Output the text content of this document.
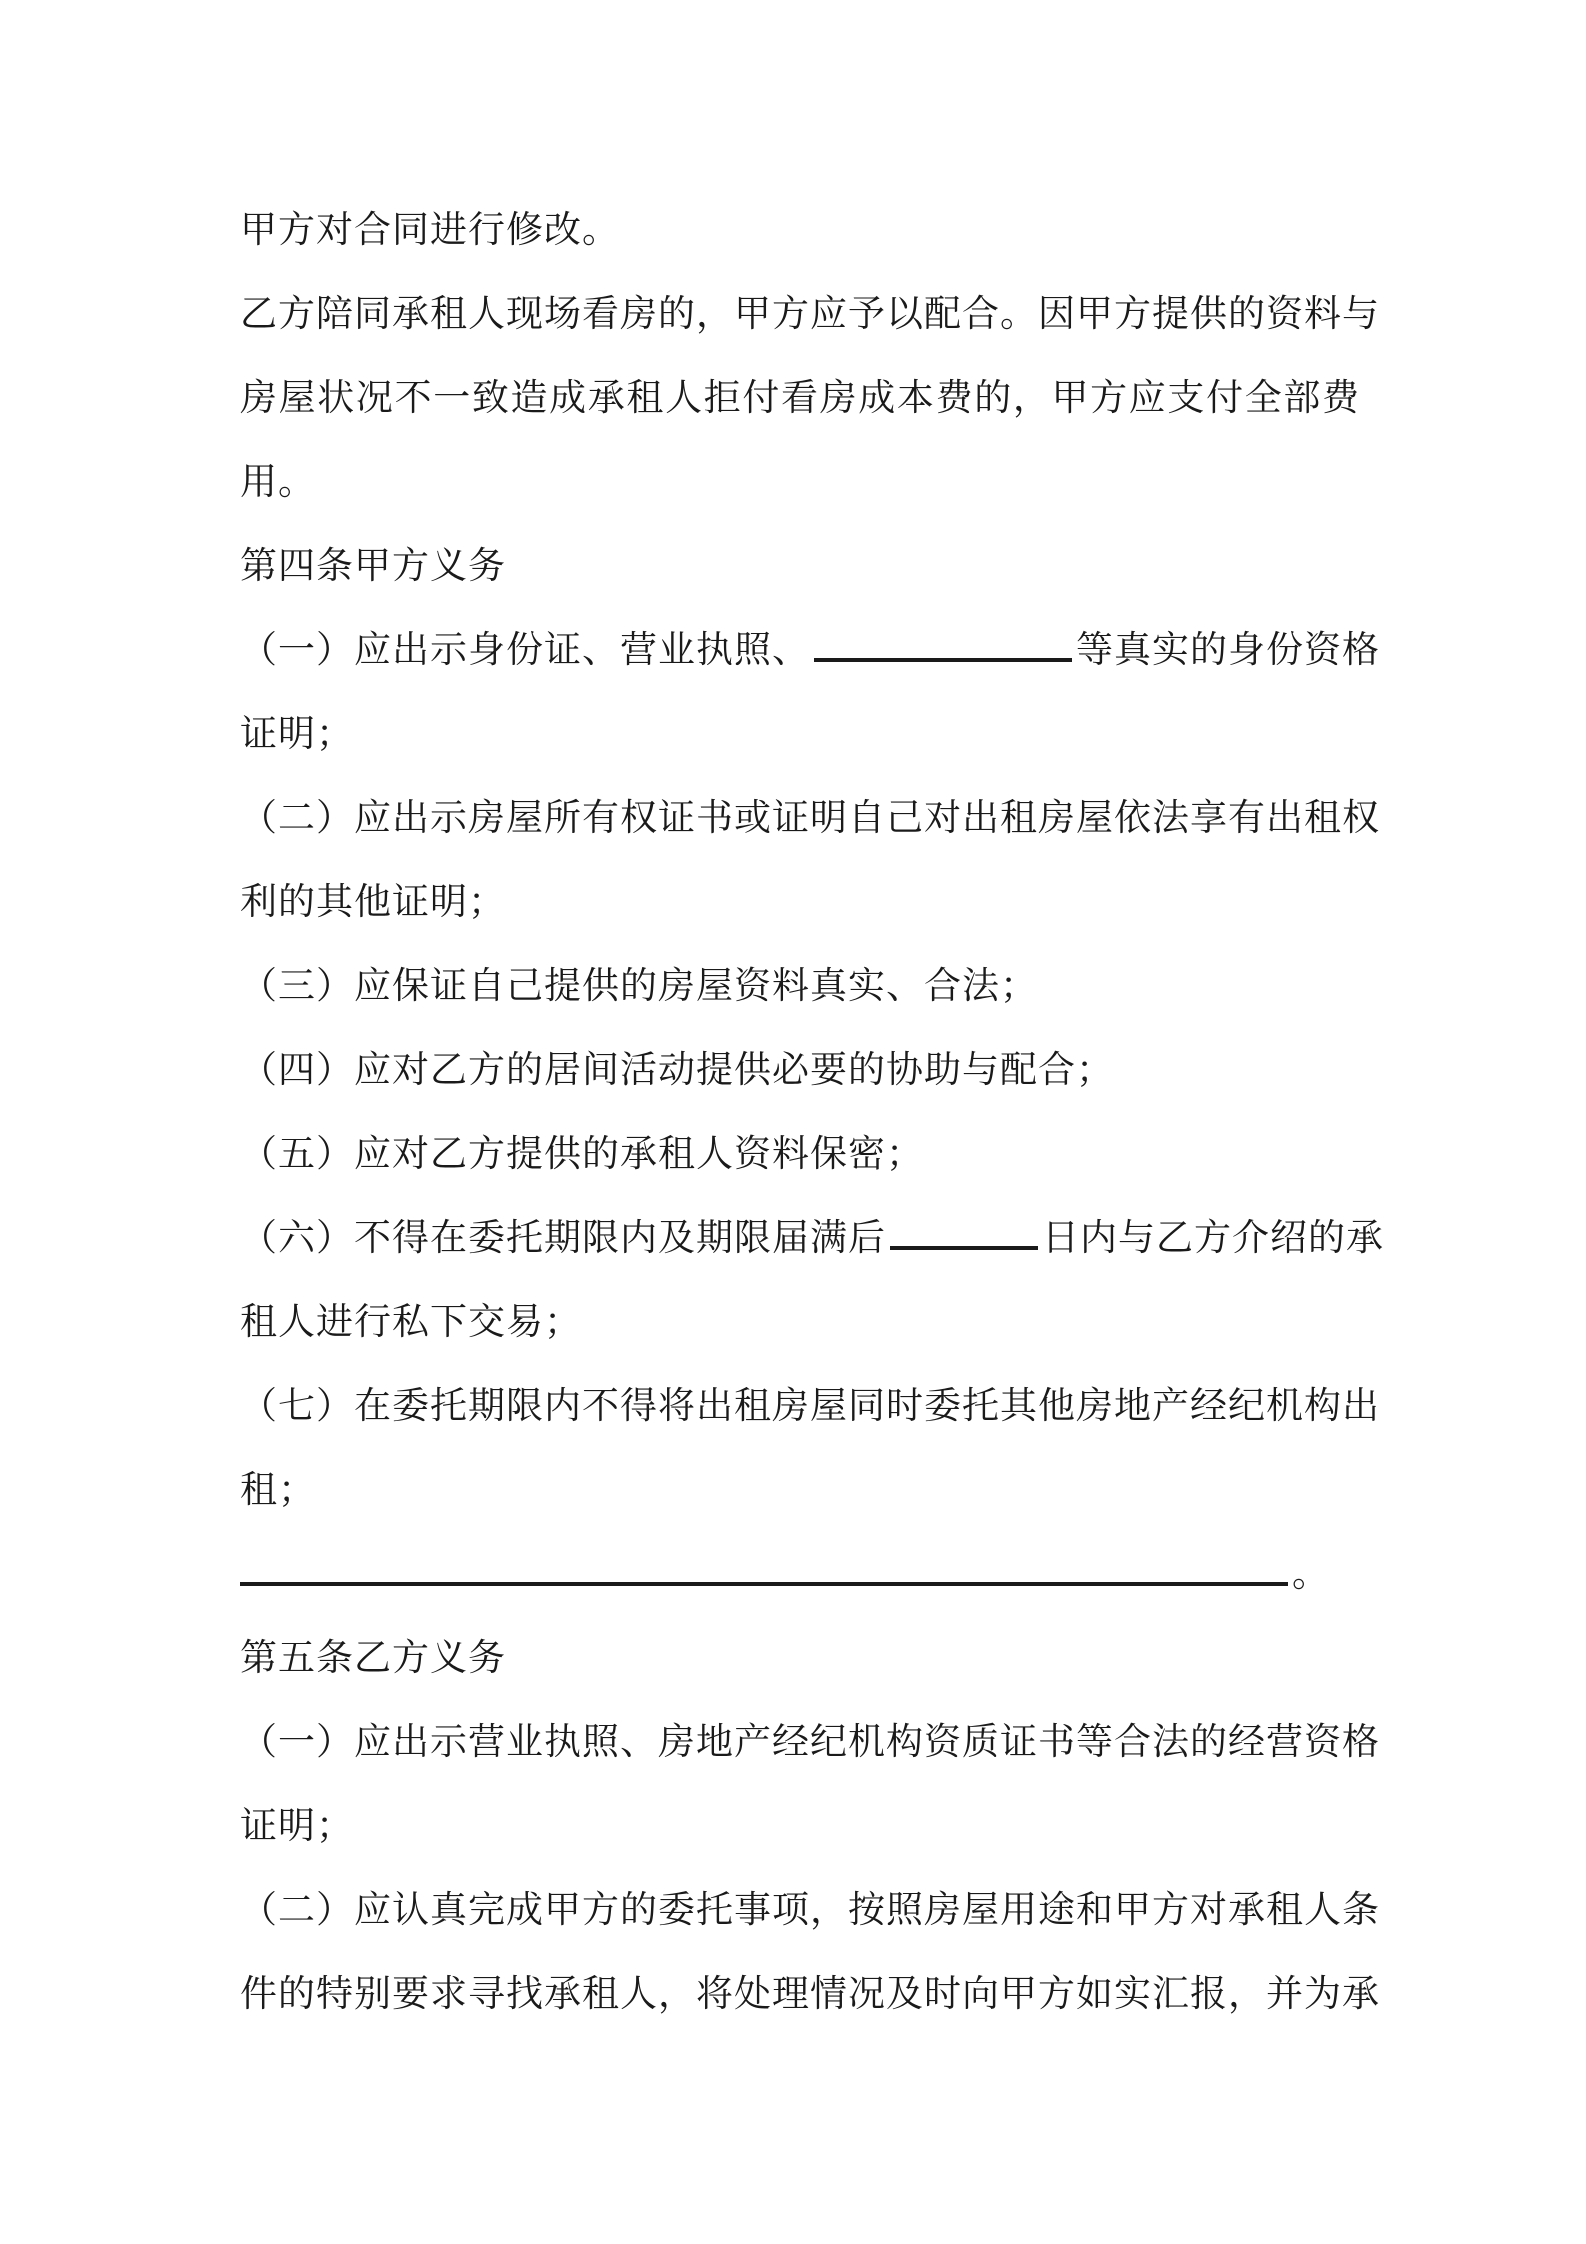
甲方对合同进行修改。
乙方陪同承租人现场看房的，甲方应予以配合。因甲方提供的资料与
房屋状况不一致造成承租人拒付看房成本费的，甲方应支付全部费
用。
第四条甲方义务
（一）应出示身份证、营业执照、	等真实的身份资格
证明；
（二）应出示房屋所有权证书或证明自己对出租房屋依法享有出租权
利的其他证明；
（三）应保证自己提供的房屋资料真实、合法；
（四）应对乙方的居间活动提供必要的协助与配合；
（五）应对乙方提供的承租人资料保密；
（六）不得在委托期限内及期限届满后	日内与乙方介绍的承
租人进行私下交易；
（七）在委托期限内不得将出租房屋同时委托其他房地产经纪机构出
租；
。
第五条乙方义务
（一）应出示营业执照、房地产经纪机构资质证书等合法的经营资格
证明；
（二）应认真完成甲方的委托事项，按照房屋用途和甲方对承租人条
件的特别要求寻找承租人，将处理情况及时向甲方如实汇报，并为承
